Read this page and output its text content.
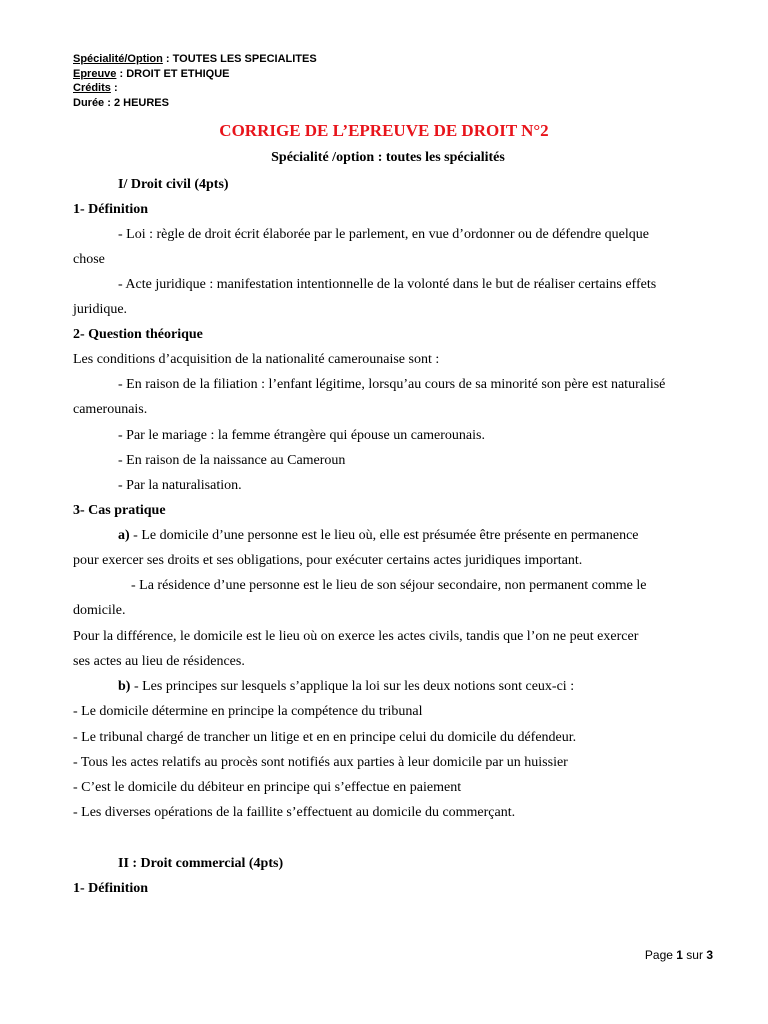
Spécialité/Option : TOUTES LES SPECIALITES
Epreuve : DROIT ET ETHIQUE
Crédits :
Durée : 2 HEURES
CORRIGE DE L’EPREUVE DE DROIT N°2
Spécialité /option : toutes les spécialités
I/ Droit civil (4pts)
1- Définition
- Loi : règle de droit écrit élaborée par le parlement, en vue d’ordonner ou de défendre quelque
chose
- Acte juridique : manifestation intentionnelle de la volonté dans le but de réaliser certains effets
juridique.
2- Question théorique
Les conditions d’acquisition de la nationalité camerounaise sont :
- En raison de la filiation : l’enfant légitime, lorsqu’au cours de sa minorité son père est naturalisé
camerounais.
- Par le mariage : la femme étrangère qui épouse un camerounais.
- En raison de la naissance au Cameroun
- Par la naturalisation.
3- Cas pratique
a) - Le domicile d’une personne est le lieu où, elle est présumée être présente en permanence
pour exercer ses droits et ses obligations, pour exécuter certains actes juridiques important.
- La résidence d’une personne est le lieu de son séjour secondaire, non permanent comme le
domicile.
Pour la différence, le domicile est le lieu où on exerce les actes civils, tandis que l’on ne peut exercer
ses actes au lieu de résidences.
b) - Les principes sur lesquels s’applique la loi sur les deux notions sont ceux-ci :
- Le domicile détermine en principe la compétence du tribunal
- Le tribunal chargé de trancher un litige et en en principe celui du domicile du défendeur.
- Tous les actes relatifs au procès sont notifiés aux parties à leur domicile par un huissier
- C’est le domicile du débiteur en principe qui s’effectue en paiement
- Les diverses opérations de la faillite s’effectuent au domicile du commerçant.
II : Droit commercial (4pts)
1- Définition
Page 1 sur 3
